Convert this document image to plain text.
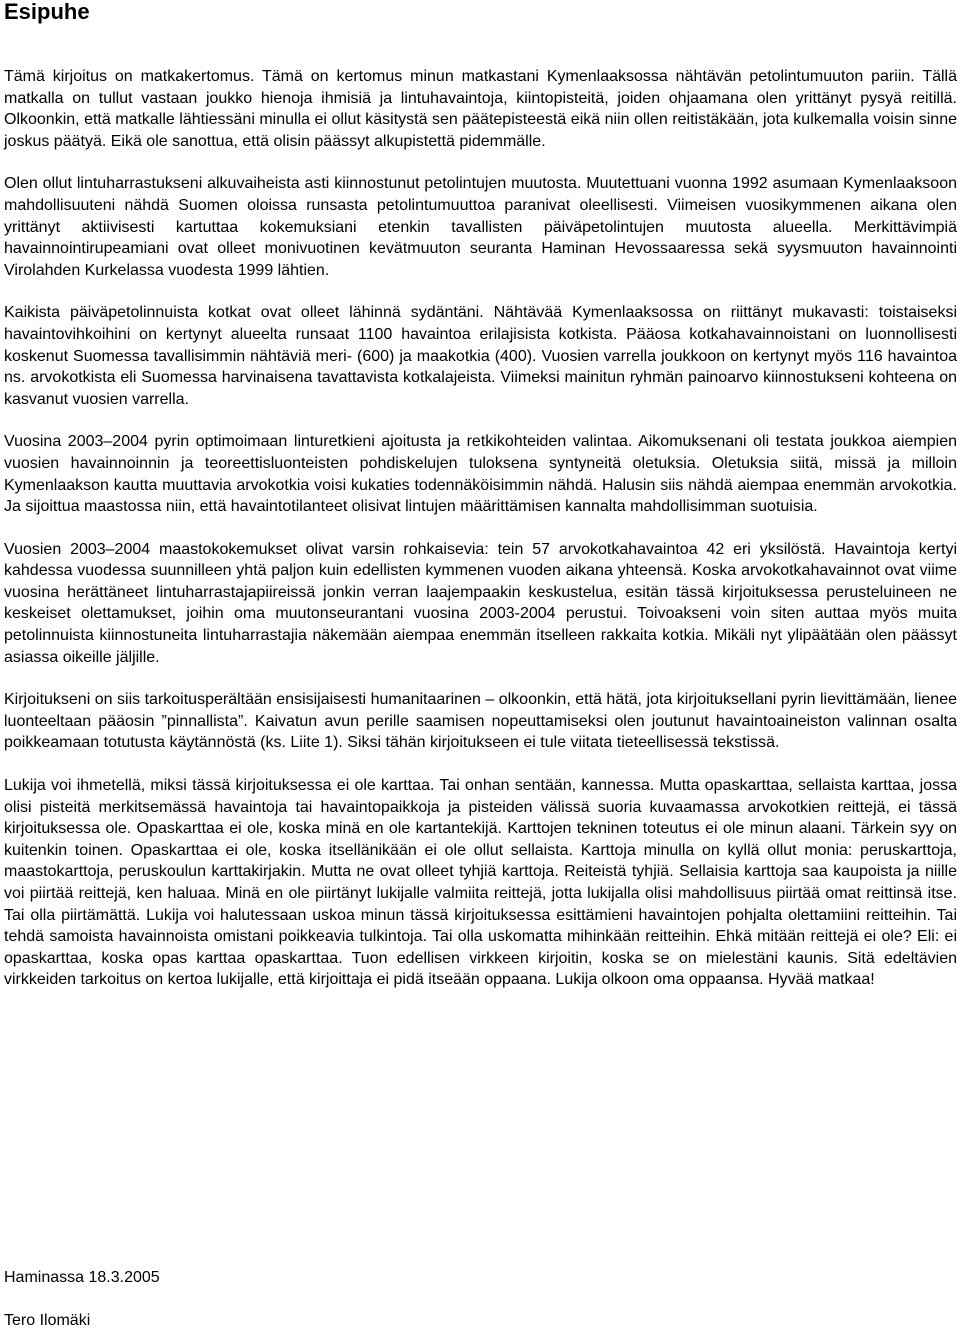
Esipuhe

Tämä kirjoitus on matkakertomus. Tämä on kertomus minun matkastani Kymenlaaksossa nähtävän petolintumuuton pariin. Tällä matkalla on tullut vastaan joukko hienoja ihmisiä ja lintuhavaintoja, kiintopisteitä, joiden ohjaamana olen yrittänyt pysyä reitillä. Olkoonkin, että matkalle lähtiessäni minulla ei ollut käsitystä sen päätepisteestä eikä niin ollen reitistäkään, jota kulkemalla voisin sinne joskus päätyä. Eikä ole sanottua, että olisin päässyt alkupistettä pidemmälle.

Olen ollut lintuharrastukseni alkuvaiheista asti kiinnostunut petolintujen muutosta. Muutettuani vuonna 1992 asumaan Kymenlaaksoon mahdollisuuteni nähdä Suomen oloissa runsasta petolintumuuttoa paranivat oleellisesti. Viimeisen vuosikymmenen aikana olen yrittänyt aktiivisesti kartuttaa kokemuksiani etenkin tavallisten päiväpetolintujen muutosta alueella. Merkittävimpiä havainnointirupeamiani ovat olleet monivuotinen kevätmuuton seuranta Haminan Hevossaaressa sekä syysmuuton havainnointi Virolahden Kurkelassa vuodesta 1999 lähtien.

Kaikista päiväpetolinnuista kotkat ovat olleet lähinnä sydäntäni. Nähtävää Kymenlaaksossa on riittänyt mukavasti: toistaiseksi havaintovihkoihini on kertynyt alueelta runsaat 1100 havaintoa erilajisista kotkista. Pääosa kotkahavainnoistani on luonnollisesti koskenut Suomessa tavallisimmin nähtäviä meri- (600) ja maakotkia (400). Vuosien varrella joukkoon on kertynyt myös 116 havaintoa ns. arvokotkista eli Suomessa harvinaisena tavattavista kotkalajeista. Viimeksi mainitun ryhmän painoarvo kiinnostukseni kohteena on kasvanut vuosien varrella.

Vuosina 2003–2004 pyrin optimoimaan linturetkieni ajoitusta ja retkikohteiden valintaa. Aikomuksenani oli testata joukkoa aiempien vuosien havainnoinnin ja teoreettisluonteisten pohdiskelujen tuloksena syntyneitä oletuksia. Oletuksia siitä, missä ja milloin Kymenlaakson kautta muuttavia arvokotkia voisi kukaties todennäköisimmin nähdä. Halusin siis nähdä aiempaa enemmän arvokotkia. Ja sijoittua maastossa niin, että havaintotilanteet olisivat lintujen määrittämisen kannalta mahdollisimman suotuisia.

Vuosien 2003–2004 maastokokemukset olivat varsin rohkaisevia: tein 57 arvokotkahavaintoa 42 eri yksilöstä. Havaintoja kertyi kahdessa vuodessa suunnilleen yhtä paljon kuin edellisten kymmenen vuoden aikana yhteensä. Koska arvokotkahavainnot ovat viime vuosina herättäneet lintuharrastajapiireissä jonkin verran laajempaakin keskustelua, esitän tässä kirjoituksessa perusteluineen ne keskeiset olettamukset, joihin oma muutonseurantani vuosina 2003-2004 perustui. Toivoakseni voin siten auttaa myös muita petolinnuista kiinnostuneita lintuharrastajia näkemään aiempaa enemmän itselleen rakkaita kotkia. Mikäli nyt ylipäätään olen päässyt asiassa oikeille jäljille.

Kirjoitukseni on siis tarkoitusperältään ensisijaisesti humanitaarinen – olkoonkin, että hätä, jota kirjoituksellani pyrin lievittämään, lienee luonteeltaan pääosin ”pinnallista”. Kaivatun avun perille saamisen nopeuttamiseksi olen joutunut havaintoaineiston valinnan osalta poikkeamaan totutusta käytännöstä (ks. Liite 1). Siksi tähän kirjoitukseen ei tule viitata tieteellisessä tekstissä.

Lukija voi ihmetellä, miksi tässä kirjoituksessa ei ole karttaa. Tai onhan sentään, kannessa. Mutta opaskarttaa, sellaista karttaa, jossa olisi pisteitä merkitsemässä havaintoja tai havaintopaikkoja ja pisteiden välissä suoria kuvaamassa arvokotkien reittejä, ei tässä kirjoituksessa ole. Opaskarttaa ei ole, koska minä en ole kartantekijä. Karttojen tekninen toteutus ei ole minun alaani. Tärkein syy on kuitenkin toinen. Opaskarttaa ei ole, koska itsellänikään ei ole ollut sellaista. Karttoja minulla on kyllä ollut monia: peruskarttoja, maastokarttoja, peruskoulun karttakirjakin. Mutta ne ovat olleet tyhjiä karttoja. Reiteistä tyhjiä. Sellaisia karttoja saa kaupoista ja niille voi piirtää reittejä, ken haluaa. Minä en ole piirtänyt lukijalle valmiita reittejä, jotta lukijalla olisi mahdollisuus piirtää omat reittinsä itse. Tai olla piirtämättä. Lukija voi halutessaan uskoa minun tässä kirjoituksessa esittämieni havaintojen pohjalta olettamiini reitteihin. Tai tehdä samoista havainnoista omistani poikkeavia tulkintoja. Tai olla uskomatta mihinkään reitteihin. Ehkä mitään reittejä ei ole? Eli: ei opaskarttaa, koska opas karttaa opaskarttaa. Tuon edellisen virkkeen kirjoitin, koska se on mielestäni kaunis. Sitä edeltävien virkkeiden tarkoitus on kertoa lukijalle, että kirjoittaja ei pidä itseään oppaana. Lukija olkoon oma oppaansa. Hyvää matkaa!

Haminassa 18.3.2005
Tero Ilomäki
